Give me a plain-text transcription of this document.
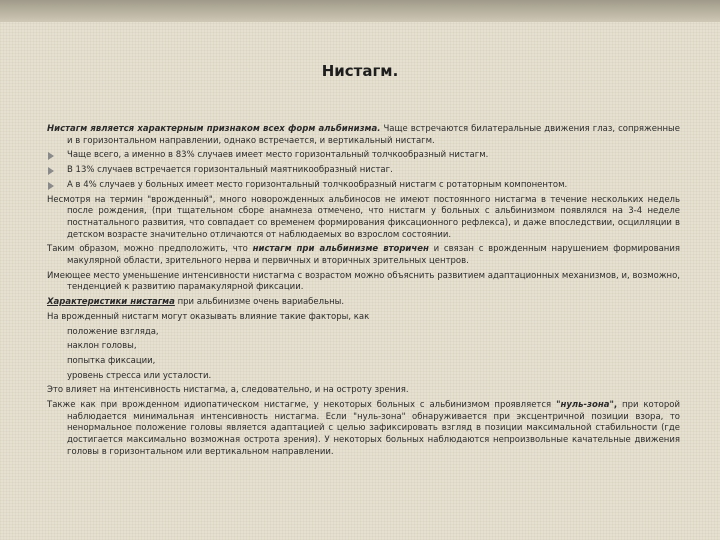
Нистагм.

Нистагм является характерным признаком всех форм альбинизма. Чаще встречаются билатеральные движения глаз, сопряженные и в горизонтальном направлении, однако встречается, и вертикальный нистагм.

Чаще всего, а именно в 83% случаев имеет место горизонтальный толчкообразный нистагм.
В 13% случаев встречается горизонтальный маятникообразный нистаг.
А в 4% случаев у больных имеет место горизонтальный толчкообразный нистагм с ротаторным компонентом.

Несмотря на термин "врожденный", много новорожденных альбиносов не имеют постоянного нистагма в течение нескольких недель после рождения, (при тщательном сборе анамнеза отмечено, что нистагм у больных с альбинизмом появлялся на 3-4 неделе постнатального развития, что совпадает со временем формирования фиксационного рефлекса), и даже впоследствии, осцилляции в детском возрасте значительно отличаются от наблюдаемых во взрослом состоянии.

Таким образом, можно предположить, что нистагм при альбинизме вторичен и связан с врожденным нарушением формирования макулярной области, зрительного нерва и первичных и вторичных зрительных центров.

Имеющее место уменьшение интенсивности нистагма с возрастом можно объяснить развитием адаптационных механизмов, и, возможно, тенденцией к развитию парамакулярной фиксации.

Характеристики нистагма при альбинизме очень вариабельны.

На врожденный нистагм могут оказывать влияние такие факторы, как

положение взгляда,
наклон головы,
попытка фиксации,
уровень стресса или усталости.

Это влияет на интенсивность нистагма, а, следовательно, и на остроту зрения.

Также как при врожденном идиопатическом нистагме, у некоторых больных с альбинизмом проявляется "нуль-зона", при которой наблюдается минимальная интенсивность нистагма. Если "нуль-зона" обнаруживается при эксцентричной позиции взора, то ненормальное положение головы является адаптацией с целью зафиксировать взгляд в позиции максимальной стабильности (где достигается максимально возможная острота зрения). У некоторых больных наблюдаются непроизвольные качательные движения головы в горизонтальном или вертикальном направлении.
